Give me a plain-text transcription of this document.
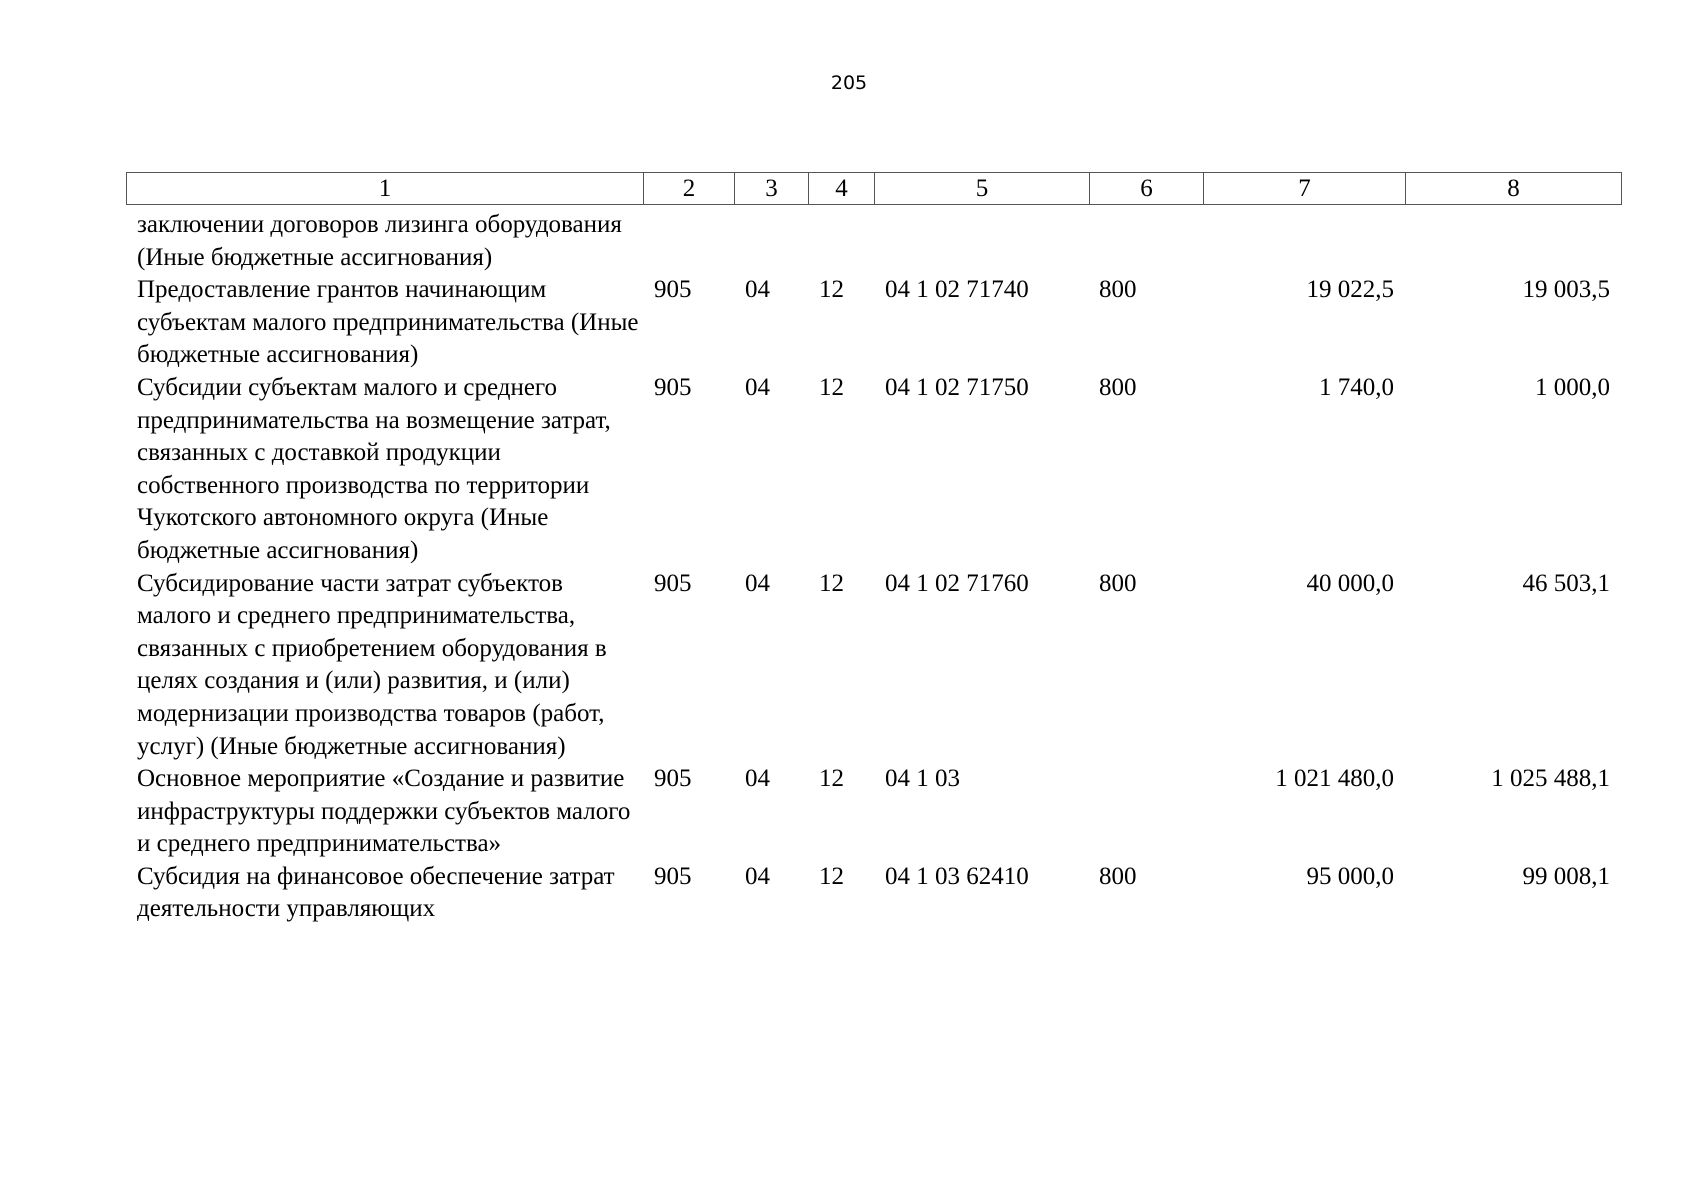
205
1	2	3	4	5	6	7	8
заключении договоров лизинга оборудования (Иные бюджетные ассигнования)							
Предоставление грантов начинающим субъектам малого предпринимательства (Иные бюджетные ассигнования)	905	04	12	04 1 02 71740	800	19 022,5	19 003,5
Субсидии субъектам малого и среднего предпринимательства на возмещение затрат, связанных с доставкой продукции собственного производства по территории Чукотского автономного округа (Иные бюджетные ассигнования)	905	04	12	04 1 02 71750	800	1 740,0	1 000,0
Субсидирование части затрат субъектов малого и среднего предпринимательства, связанных с приобретением оборудования в целях создания и (или) развития, и (или) модернизации производства товаров (работ, услуг) (Иные бюджетные ассигнования)	905	04	12	04 1 02 71760	800	40 000,0	46 503,1
Основное мероприятие «Создание и развитие инфраструктуры поддержки субъектов малого и среднего предпринимательства»	905	04	12	04 1 03		1 021 480,0	1 025 488,1
Субсидия на финансовое обеспечение затрат деятельности управляющих	905	04	12	04 1 03 62410	800	95 000,0	99 008,1
